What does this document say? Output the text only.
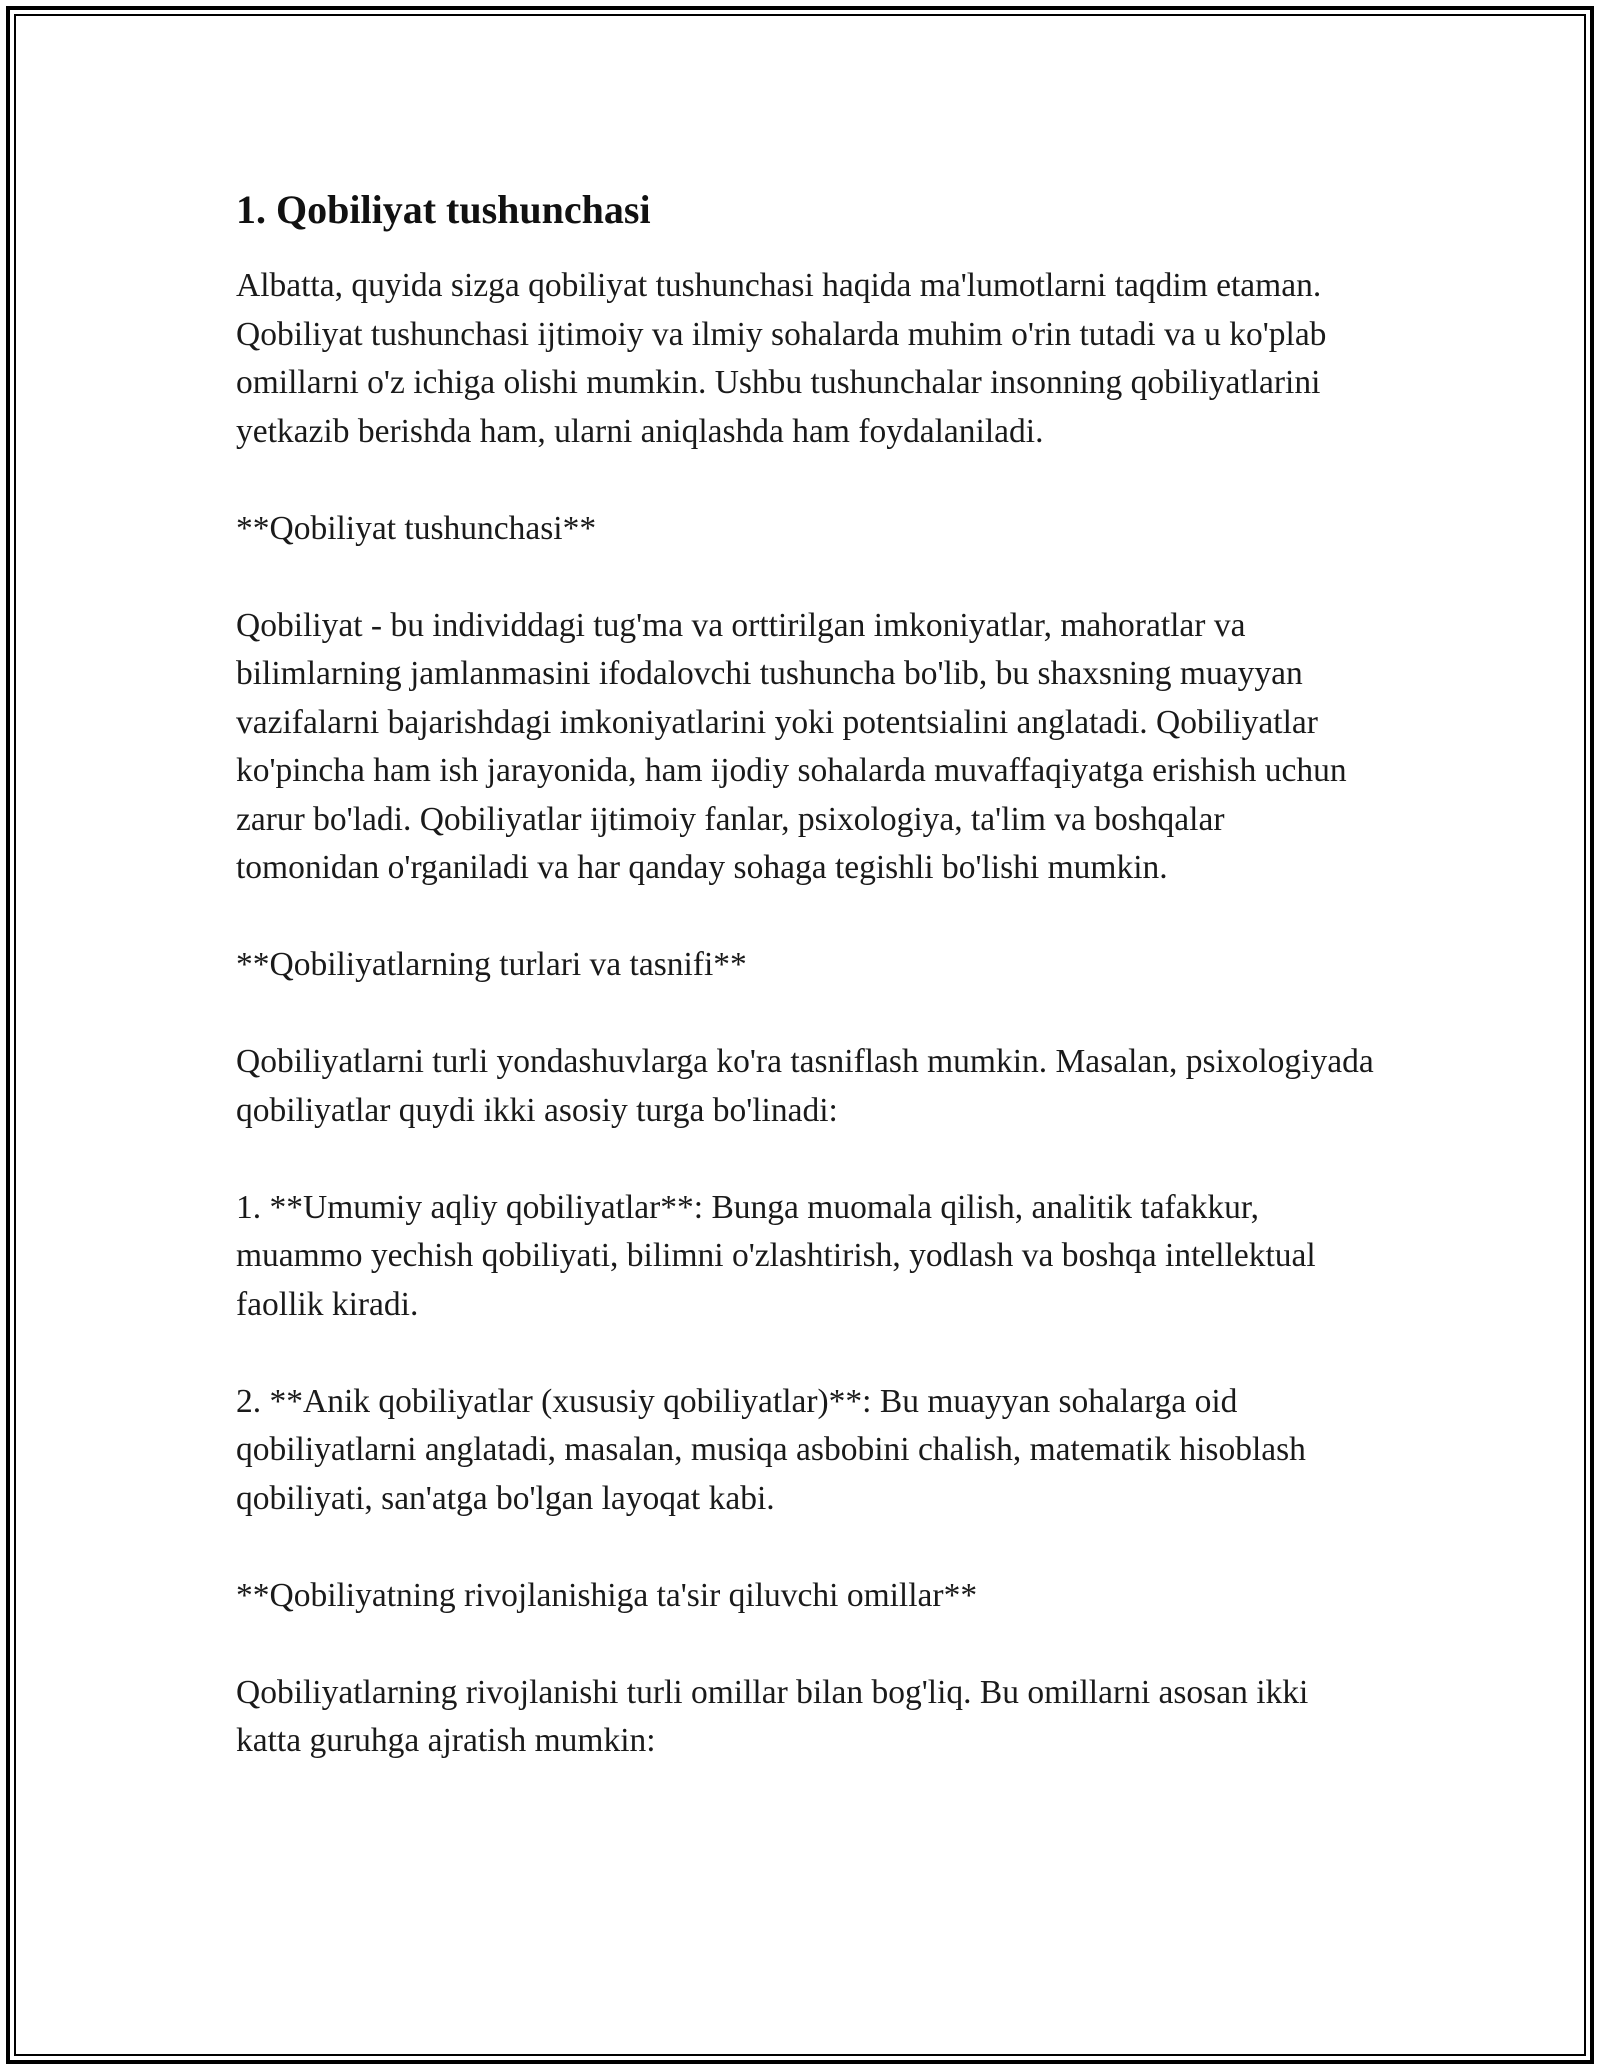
1. Qobiliyat tushunchasi

Albatta, quyida sizga qobiliyat tushunchasi haqida ma'lumotlarni taqdim etaman. Qobiliyat tushunchasi ijtimoiy va ilmiy sohalarda muhim o'rin tutadi va u ko'plab omillarni o'z ichiga olishi mumkin. Ushbu tushunchalar insonning qobiliyatlarini yetkazib berishda ham, ularni aniqlashda ham foydalaniladi.

**Qobiliyat tushunchasi**

Qobiliyat - bu individdagi tug'ma va orttirilgan imkoniyatlar, mahoratlar va bilimlarning jamlanmasini ifodalovchi tushuncha bo'lib, bu shaxsning muayyan vazifalarni bajarishdagi imkoniyatlarini yoki potentsialini anglatadi. Qobiliyatlar ko'pincha ham ish jarayonida, ham ijodiy sohalarda muvaffaqiyatga erishish uchun zarur bo'ladi. Qobiliyatlar ijtimoiy fanlar, psixologiya, ta'lim va boshqalar tomonidan o'rganiladi va har qanday sohaga tegishli bo'lishi mumkin.

**Qobiliyatlarning turlari va tasnifi**

Qobiliyatlarni turli yondashuvlarga ko'ra tasniflash mumkin. Masalan, psixologiyada qobiliyatlar quydi ikki asosiy turga bo'linadi:

1. **Umumiy aqliy qobiliyatlar**: Bunga muomala qilish, analitik tafakkur, muammo yechish qobiliyati, bilimni o'zlashtirish, yodlash va boshqa intellektual faollik kiradi.

2. **Anik qobiliyatlar (xususiy qobiliyatlar)**: Bu muayyan sohalarga oid qobiliyatlarni anglatadi, masalan, musiqa asbobini chalish, matematik hisoblash qobiliyati, san'atga bo'lgan layoqat kabi.

**Qobiliyatning rivojlanishiga ta'sir qiluvchi omillar**

Qobiliyatlarning rivojlanishi turli omillar bilan bog'liq. Bu omillarni asosan ikki katta guruhga ajratish mumkin:
